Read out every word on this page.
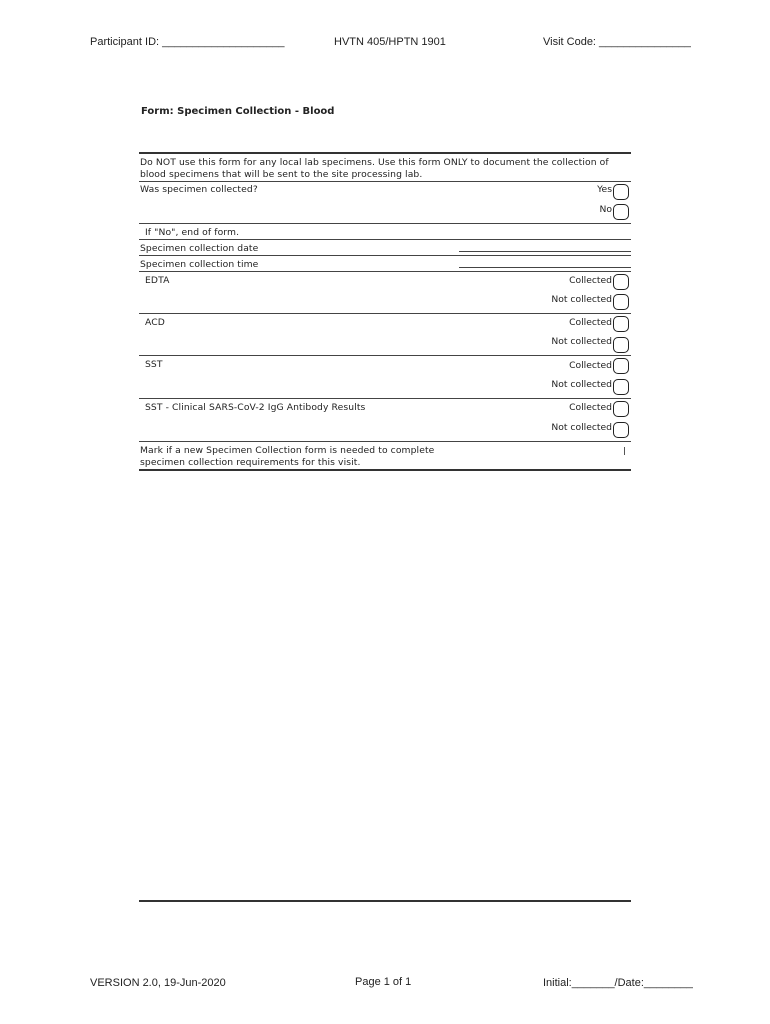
Participant ID: ____________________	HVTN 405/HPTN 1901	Visit Code: _______________
Form: Specimen Collection - Blood
Do NOT use this form for any local lab specimens. Use this form ONLY to document the collection of
blood specimens that will be sent to the site processing lab.
Was specimen collected?	Yes
No
If "No", end of form.
Specimen collection date
Specimen collection time
EDTA	Collected
Not collected
ACD	Collected
Not collected
SST	Collected
Not collected
SST - Clinical SARS-CoV-2 IgG Antibody Results	Collected
Not collected
Mark if a new Specimen Collection form is needed to complete
specimen collection requirements for this visit.
VERSION 2.0, 19-Jun-2020	Page 1 of 1	Initial:_______/Date:________
